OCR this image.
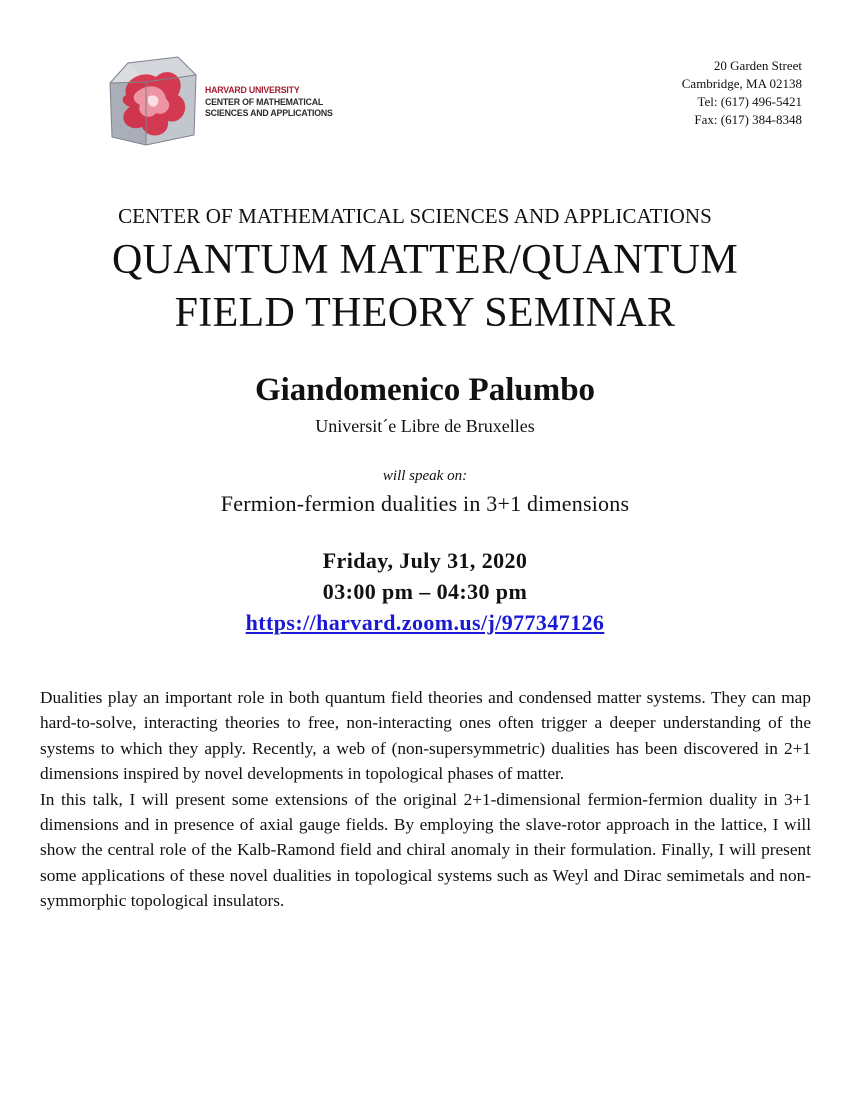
HARVARD UNIVERSITY
CENTER OF MATHEMATICAL
SCIENCES AND APPLICATIONS
20 Garden Street
Cambridge, MA 02138
Tel: (617) 496-5421
Fax: (617) 384-8348
CENTER OF MATHEMATICAL SCIENCES AND APPLICATIONS
QUANTUM MATTER/QUANTUM
FIELD THEORY SEMINAR
Giandomenico Palumbo
Universit´e Libre de Bruxelles
will speak on:
Fermion-fermion dualities in 3+1 dimensions
Friday, July 31, 2020
03:00 pm – 04:30 pm
https://harvard.zoom.us/j/977347126

Dualities play an important role in both quantum field theories and condensed matter systems. They can map hard-to-solve, interacting theories to free, non-interacting ones often trigger a deeper understanding of the systems to which they apply. Recently, a web of (non-supersymmetric) dualities has been discovered in 2+1 dimensions inspired by novel developments in topological phases of matter.

In this talk, I will present some extensions of the original 2+1-dimensional fermion-fermion duality in 3+1 dimensions and in presence of axial gauge fields. By employing the slave-rotor approach in the lattice, I will show the central role of the Kalb-Ramond field and chiral anomaly in their formulation. Finally, I will present some applications of these novel dualities in topological systems such as Weyl and Dirac semimetals and non-symmorphic topological insulators.
